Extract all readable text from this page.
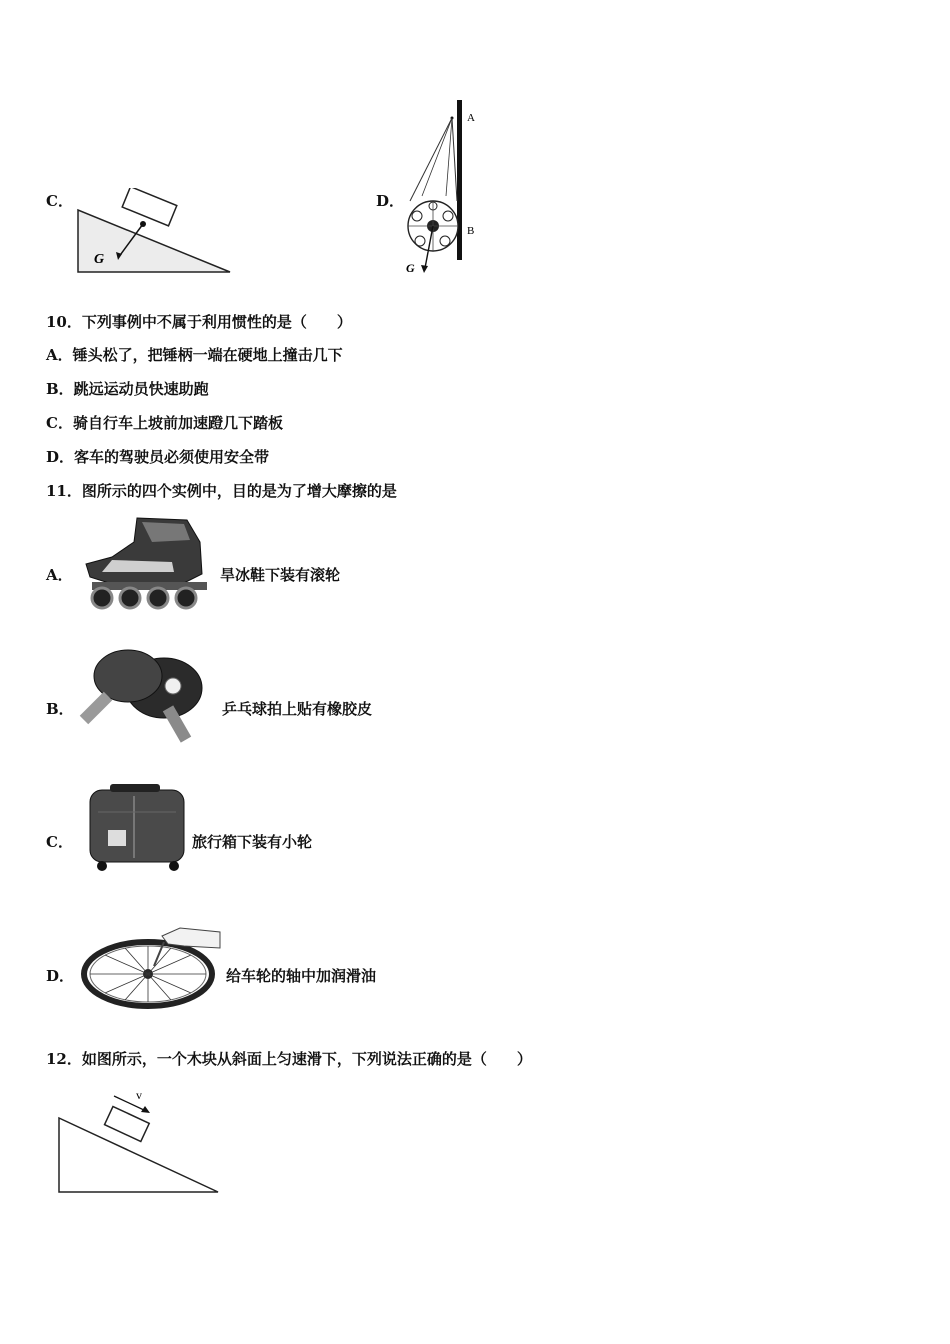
C．
G
D．
A
B
G
10．下列事例中不属于利用惯性的是（　　）
A．锤头松了，把锤柄一端在硬地上撞击几下
B．跳远运动员快速助跑
C．骑自行车上坡前加速蹬几下踏板
D．客车的驾驶员必须使用安全带
11．图所示的四个实例中，目的是为了增大摩擦的是
A．	旱冰鞋下装有滚轮
B．	乒乓球拍上贴有橡胶皮
C．	旅行箱下装有小轮
D．	给车轮的轴中加润滑油
12．如图所示，一个木块从斜面上匀速滑下，下列说法正确的是（　　）
v
